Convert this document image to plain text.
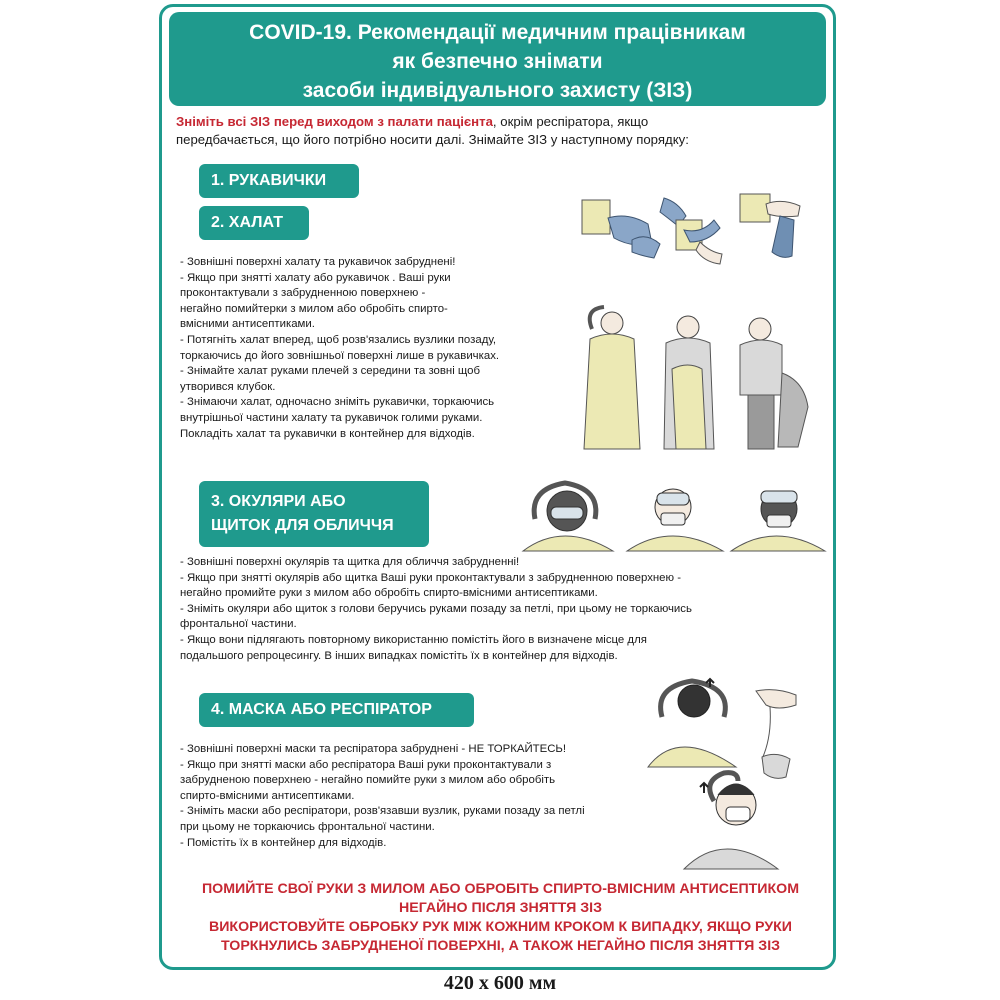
COVID-19. Рекомендації медичним працівникам
як безпечно знімати
засоби індивідуального захисту (ЗІЗ)
Зніміть всі ЗІЗ перед виходом з палати пацієнта, окрім респіратора, якщо
передбачається, що його потрібно носити далі. Знімайте ЗІЗ у наступному порядку:
1. РУКАВИЧКИ
2. ХАЛАТ
3. ОКУЛЯРИ АБО
ЩИТОК ДЛЯ ОБЛИЧЧЯ
4. МАСКА АБО РЕСПІРАТОР
- Зовнішні поверхні халату та рукавичок забруднені!
- Якщо при знятті халату або рукавичок . Ваші руки
проконтактували з забрудненною поверхнею -
негайно помийтерки з милом або обробіть спирто-
вмісними антисептиками.
- Потягніть халат вперед, щоб розв'язались вузлики позаду,
торкаючись до його зовнішньої поверхні лише в рукавичках.
- Знімайте халат руками плечей з середини та зовні щоб
утворився клубок.
- Знімаючи халат, одночасно зніміть рукавички, торкаючись
внутрішньої частини халату та рукавичок голими руками.
Покладіть халат та рукавички в контейнер для відходів.
- Зовнішні поверхні окулярів та щитка для обличчя забрудненні!
- Якщо при знятті окулярів або щитка Ваші руки проконтактували з забрудненною поверхнею -
негайно промийте руки з милом або обробіть спирто-вмісними антисептиками.
- Зніміть окуляри або щиток з голови беручись руками позаду за петлі, при цьому не торкаючись
фронтальної частини.
- Якщо вони підлягають повторному використанню помістіть його в визначене місце для
подальшого репроцесингу. В інших випадках помістіть їх в контейнер для відходів.
- Зовнішні поверхні маски та респіратора забруднені - НЕ ТОРКАЙТЕСЬ!
- Якщо при знятті маски або респіратора Ваші руки проконтактували з
забрудненою поверхнею - негайно помийте руки з милом або обробіть
спирто-вмісними антисептиками.
- Зніміть маски або респіратори, розв'язавши вузлик, руками позаду за петлі
при цьому не торкаючись фронтальної частини.
- Помістіть їх в контейнер для відходів.
ПОМИЙТЕ СВОЇ РУКИ З МИЛОМ АБО ОБРОБІТЬ СПИРТО-ВМІСНИМ АНТИСЕПТИКОМ
НЕГАЙНО ПІСЛЯ ЗНЯТТЯ ЗІЗ
ВИКОРИСТОВУЙТЕ ОБРОБКУ РУК МІЖ КОЖНИМ КРОКОМ К ВИПАДКУ, ЯКЩО РУКИ
ТОРКНУЛИСЬ ЗАБРУДНЕНОЇ ПОВЕРХНІ, А ТАКОЖ НЕГАЙНО ПІСЛЯ ЗНЯТТЯ ЗІЗ
420 х 600 мм
